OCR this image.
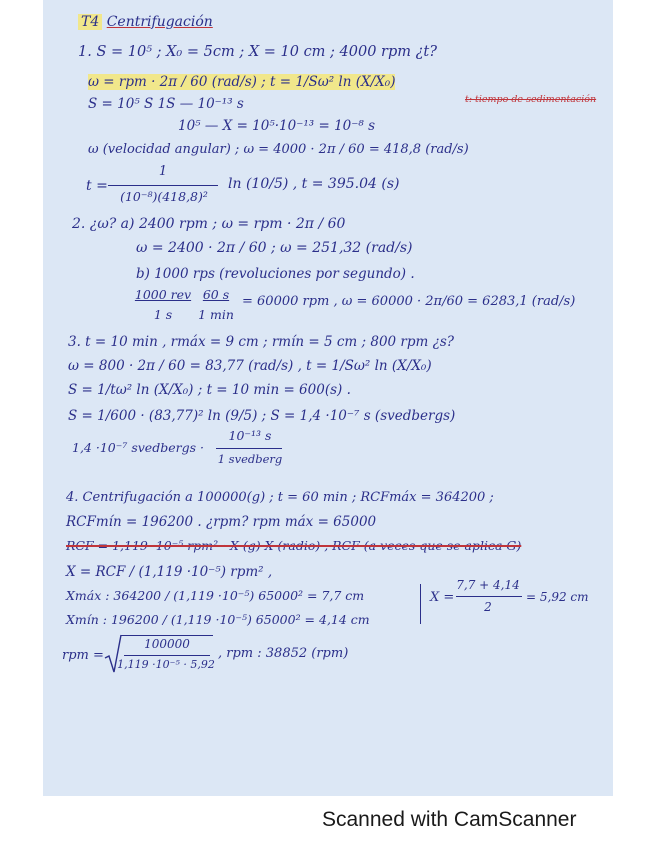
T4 Centrifugación
1. S = 10⁵ ; X₀ = 5cm ; X = 10 cm ; 4000 rpm ¿t?
ω = rpm · 2π / 60 (rad/s) ; t = 1/Sω² ln (X/X₀)
t: tiempo de sedimentación
S = 10⁵ S 1S — 10⁻¹³ s
10⁵ — X = 10⁵·10⁻¹³ = 10⁻⁸ s
ω (velocidad angular) ; ω = 4000 · 2π / 60 = 418,8 (rad/s)
t =
1
(10⁻⁸)(418,8)²
ln (10/5) , t = 395.04 (s)
2. ¿ω? a) 2400 rpm ; ω = rpm · 2π / 60
ω = 2400 · 2π / 60 ; ω = 251,32 (rad/s)
b) 1000 rps (revoluciones por segundo) .
1000 rev
1 s
60 s
1 min
= 60000 rpm , ω = 60000 · 2π/60 = 6283,1 (rad/s)
3. t = 10 min , rmáx = 9 cm ; rmín = 5 cm ; 800 rpm ¿s?
ω = 800 · 2π / 60 = 83,77 (rad/s) , t = 1/Sω² ln (X/X₀)
S = 1/tω² ln (X/X₀) ; t = 10 min = 600(s) .
S = 1/600 · (83,77)² ln (9/5) ; S = 1,4 ·10⁻⁷ s (svedbergs)
1,4 ·10⁻⁷ svedbergs ·
10⁻¹³ s
1 svedberg
4. Centrifugación a 100000(g) ; t = 60 min ; RCFmáx = 364200 ;
RCFmín = 196200 . ¿rpm? rpm máx = 65000
RCF = 1,119 ·10⁻⁵ rpm² · X (g) X (radio) , RCF (a veces que se aplica G)
X = RCF / (1,119 ·10⁻⁵) rpm² ,
Xmáx : 364200 / (1,119 ·10⁻⁵) 65000² = 7,7 cm
Xmín : 196200 / (1,119 ·10⁻⁵) 65000² = 4,14 cm
X =
7,7 + 4,14
2
= 5,92 cm
rpm =
100000
1,119 ·10⁻⁵ · 5,92
, rpm : 38852 (rpm)
Scanned with CamScanner
